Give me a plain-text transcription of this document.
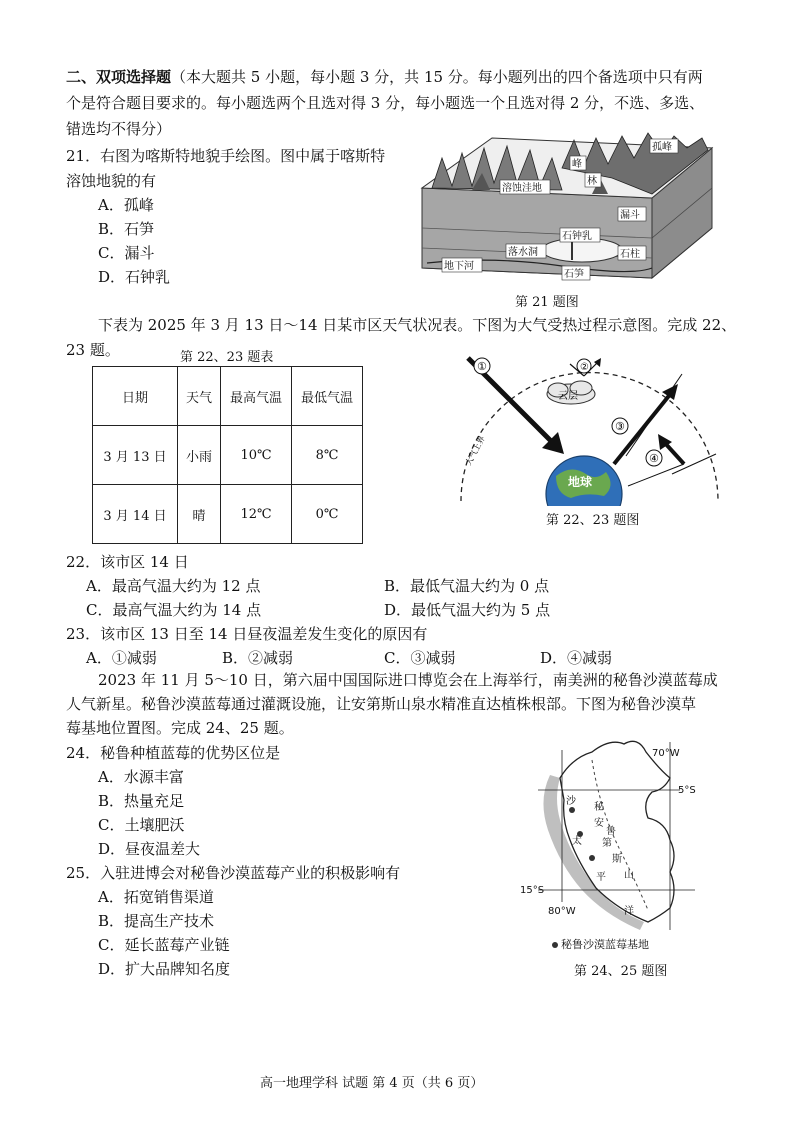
二、双项选择题（本大题共 5 小题，每小题 3 分，共 15 分。每小题列出的四个备选项中只有两
个是符合题目要求的。每小题选两个且选对得 3 分，每小题选一个且选对得 2 分，不选、多选、
错选均不得分）
21．右图为喀斯特地貌手绘图。图中属于喀斯特
溶蚀地貌的有
A．孤峰
B．石笋
C．漏斗
D．石钟乳
孤峰
峰
林
溶蚀洼地
漏斗
石钟乳
落水洞	石柱
地下河
石笋
第 21 题图
下表为 2025 年 3 月 13 日～14 日某市区天气状况表。下图为大气受热过程示意图。完成 22、
23 题。	第 22、23 题表
日期	天气	最高气温	最低气温
3 月 13 日	小雨	10℃	8℃
3 月 14 日	晴	12℃	0℃
大气上界
地球
①	②
云层
③
④
第 22、23 题图
22．该市区 14 日
A．最高气温大约为 12 点	B．最低气温大约为 0 点
C．最高气温大约为 14 点	D．最低气温大约为 5 点
23．该市区 13 日至 14 日昼夜温差发生变化的原因有
A．①减弱	B．②减弱	C．③减弱	D．④减弱
2023 年 11 月 5～10 日，第六届中国国际进口博览会在上海举行，南美洲的秘鲁沙漠蓝莓成
人气新星。秘鲁沙漠蓝莓通过灌溉设施，让安第斯山泉水精准直达植株根部。下图为秘鲁沙漠草
莓基地位置图。完成 24、25 题。
24．秘鲁种植蓝莓的优势区位是
A．水源丰富
B．热量充足
C．土壤肥沃
D．昼夜温差大
25．入驻进博会对秘鲁沙漠蓝莓产业的积极影响有
A．拓宽销售渠道
B．提高生产技术
C．延长蓝莓产业链
D．扩大品牌知名度
70°W
5°S
15°S
80°W
沙
秘
鲁
安
第
斯
山
太
平
洋
秘鲁沙漠蓝莓基地
第 24、25 题图
高一地理学科 试题 第 4 页（共 6 页）
